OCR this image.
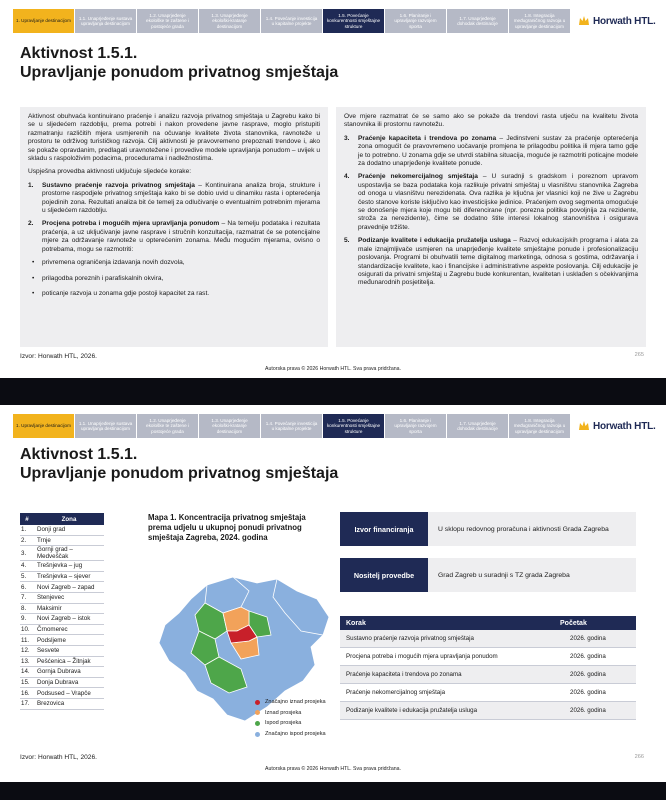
1. Upravljanje destinacijom
1.1. Unaprjeđenje sustava upravljanja destinacijom
1.2. Unaprjeđenje ekološke te zaštene i postojeće grada
1.3. Unaprjeđenje ekološki-kratanje destinacijom
1.4. Povećanje investicija u kapitalne projekte
1.5. Povećanje konkurentnosti smještajne strukture
1.6. Planiranje i upravljanje razvojem sporta
1.7. Unaprjeđenje dohodak destinacije
1.8. Integracija međugraničnog razvoja u upravljanje destinacijom	Horwath HTL.
Aktivnost 1.5.1.
Upravljanje ponudom privatnog smještaja

Aktivnost obuhvaća kontinuirano praćenje i analizu razvoja privatnog smještaja u Zagrebu kako bi se u sljedećem razdoblju, prema potrebi i nakon provedene javne rasprave, moglo pristupiti razmatranju različitih mjera usmjerenih na očuvanje kvalitete života stanovnika, ravnoteže u prostoru te održivog turističkog razvoja. Cilj aktivnosti je pravovremeno prepoznati trendove i, ako se pokaže opravdanim, predlagati uravnotežene i provedive modele upravljanja ponudom – uvijek u skladu s raspoloživim podacima, procedurama i nadležnostima.

Uspješna provedba aktivnosti uključuje sljedeće korake:

1.	Sustavno praćenje razvoja privatnog smještaja – Kontinuirana analiza broja, strukture i prostorne raspodjele privatnog smještaja kako bi se dobio uvid u dinamiku rasta i opterećenja pojedinih zona. Rezultati analiza bit će temelj za odlučivanje o eventualnim potrebnim mjerama u sljedećem razdoblju.
2.	Procjena potreba i mogućih mjera upravljanja ponudom – Na temelju podataka i rezultata praćenja, a uz uključivanje javne rasprave i stručnih konzultacija, razmatrat će se potencijalne mjere za održavanje ravnoteže u opterećenim zonama. Među mogućim mjerama, ovisno o potrebama, mogu se razmotriti:
•	privremena ograničenja izdavanja novih dozvola,
•	prilagodba poreznih i parafiskalnih okvira,
•	poticanje razvoja u zonama gdje postoji kapacitet za rast.

Ove mjere razmatrat će se samo ako se pokaže da trendovi rasta utječu na kvalitetu života stanovnika ili prostornu ravnotežu.

3.	Praćenje kapaciteta i trendova po zonama – Jedinstveni sustav za praćenje opterećenja zona omogućit će pravovremeno uočavanje promjena te prilagodbu politika ili mjera tamo gdje je to potrebno. U zonama gdje se utvrdi stabilna situacija, moguće je razmotriti poticajne modele za dodatno unaprjeđenje kvalitete ponude.
4.	Praćenje nekomercijalnog smještaja – U suradnji s gradskom i poreznom upravom uspostavlja se baza podataka koja razlikuje privatni smještaj u vlasništvu stanovnika Zagreba od onoga u vlasništvu nerezidenata. Ova razlika je ključna jer vlasnici koji ne žive u Zagrebu često stanove koriste isključivo kao investicijske jedinice. Praćenjem ovog segmenta omogućuje se donošenje mjera koje mogu biti diferencirane (npr. porezna politika povoljnija za rezidente, stroža za nerezidente), čime se dodatno štite interesi lokalnog stanovništva i osigurava pravednije tržište.
5.	Podizanje kvalitete i edukacija pružatelja usluga – Razvoj edukacijskih programa i alata za male iznajmljivače usmjeren na unaprjeđenje kvalitete smještajne ponude i profesionalizaciju poslovanja. Programi bi obuhvatili teme digitalnog marketinga, odnosa s gostima, održavanja i standardizacije kvalitete, kao i financijske i administrativne aspekte poslovanja. Cilj edukacije je osigurati da privatni smještaj u Zagrebu bude konkurentan, kvalitetan i usklađen s očekivanjima međunarodnih posjetitelja.
Izvor: Horwath HTL, 2026.	265
Autorska prava © 2026 Horwath HTL. Sva prava pridržana.
1. Upravljanje destinacijom
1.1. Unaprjeđenje sustava upravljanja destinacijom
1.2. Unaprjeđenje ekološke te zaštene i postojeće grada
1.3. Unaprjeđenje ekološki-kratanje destinacijom
1.4. Povećanje investicija u kapitalne projekte
1.5. Povećanje konkurentnosti smještajne strukture
1.6. Planiranje i upravljanje razvojem sporta
1.7. Unaprjeđenje dohodak destinacije
1.8. Integracija međugraničnog razvoja u upravljanje destinacijom	Horwath HTL.
Aktivnost 1.5.1.
Upravljanje ponudom privatnog smještaja
#	Zona
1.	Donji grad
2.	Trnje
3.	Gornji grad – Medveščak
4.	Trešnjevka – jug
5.	Trešnjevka – sjever
6.	Novi Zagreb – zapad
7.	Stenjevec
8.	Maksimir
9.	Novi Zagreb – istok
10.	Črnomerec
11.	Podsljeme
12.	Sesvete
13.	Pešćenica – Žitnjak
14.	Gornja Dubrava
15.	Donja Dubrava
16.	Podsused – Vrapče
17.	Brezovica
Mapa 1. Koncentracija privatnog smještaja prema udjelu u ukupnoj ponudi privatnog smještaja Zagreba, 2024. godina
Značajno iznad prosjeka
Iznad prosjeka
Ispod prosjeka
Značajno ispod prosjeka
Izvor financiranja	U sklopu redovnog proračuna i aktivnosti Grada Zagreba
Nositelj provedbe	Grad Zagreb u suradnji s TZ grada Zagreba
Korak	Početak
Sustavno praćenje razvoja privatnog smještaja	2026. godina
Procjena potreba i mogućih mjera upravljanja ponudom	2026. godina
Praćenje kapaciteta i trendova po zonama	2026. godina
Praćenje nekomercijalnog smještaja	2026. godina
Podizanje kvalitete i edukacija pružatelja usluga	2026. godina
Izvor: Horwath HTL, 2026.	266
Autorska prava © 2026 Horwath HTL. Sva prava pridržana.
